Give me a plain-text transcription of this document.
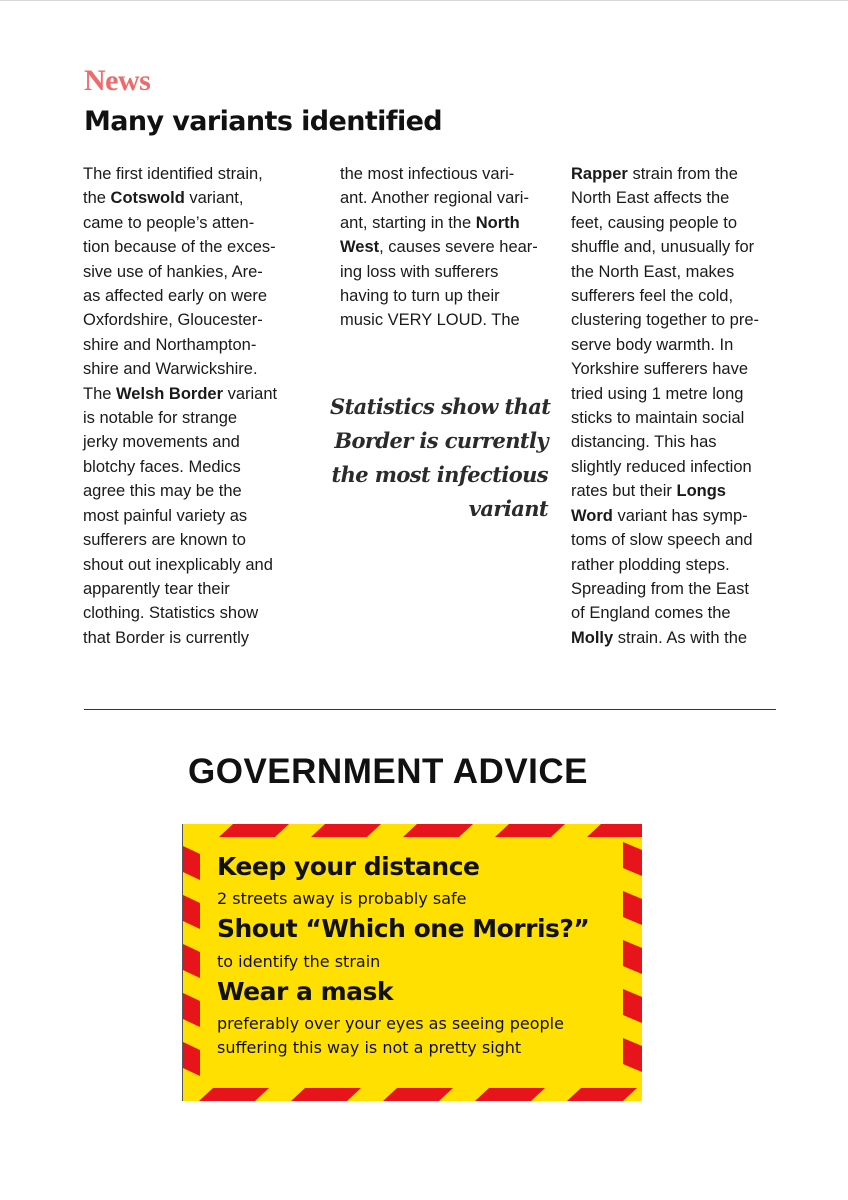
News
Many variants identified
The first identified strain,
the Cotswold variant,
came to people’s atten-
tion because of the exces-
sive use of hankies, Are-
as affected early on were
Oxfordshire, Gloucester-
shire and Northampton-
shire and Warwickshire.
The Welsh Border variant
is notable for strange
jerky movements and
blotchy faces. Medics
agree this may be the
most painful variety as
sufferers are known to
shout out inexplicably and
apparently tear their
clothing. Statistics show
that Border is currently
the most infectious vari-
ant. Another regional vari-
ant, starting in the North
West, causes severe hear-
ing loss with sufferers
having to turn up their
music VERY LOUD. The
Rapper strain from the
North East affects the
feet, causing people to
shuffle and, unusually for
the North East, makes
sufferers feel the cold,
clustering together to pre-
serve body warmth. In
Yorkshire sufferers have
tried using 1 metre long
sticks to maintain social
distancing. This has
slightly reduced infection
rates but their Longs
Word variant has symp-
toms of slow speech and
rather plodding steps.
Spreading from the East
of England comes the
Molly strain. As with the
Statistics show that
Border is currently
the most infectious
variant
GOVERNMENT ADVICE
Keep your distance
2 streets away is probably safe
Shout “Which one Morris?”
to identify the strain
Wear a mask
preferably over your eyes as seeing people
suffering this way is not a pretty sight
